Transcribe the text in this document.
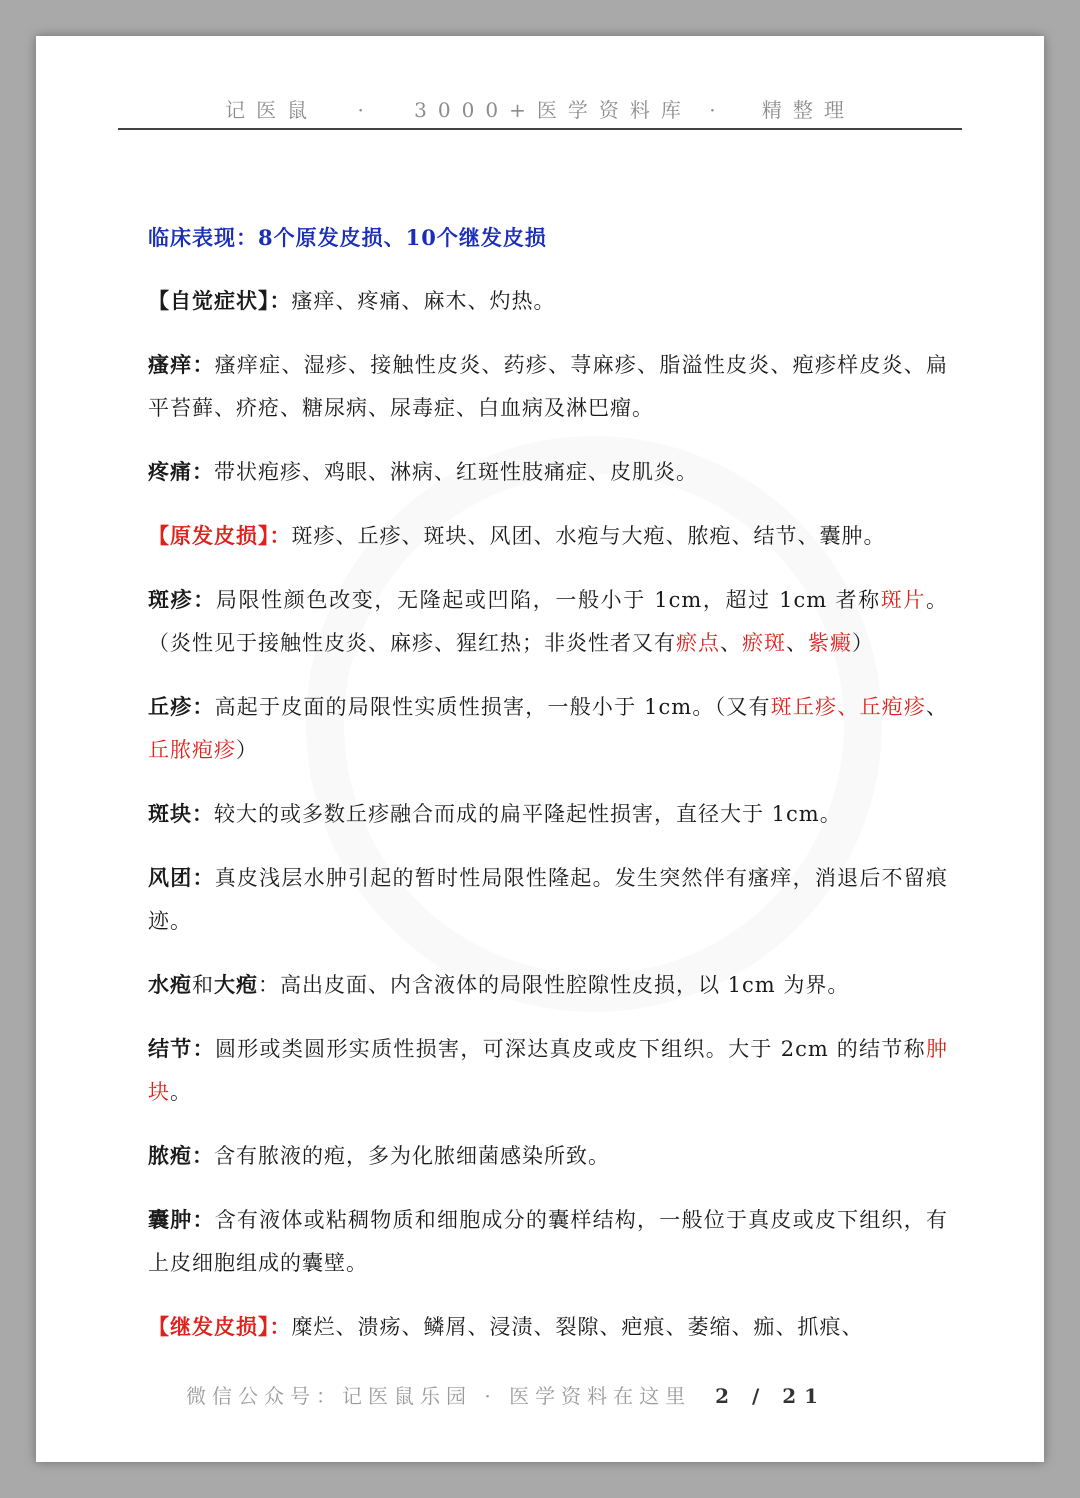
记医鼠 · 3000+医学资料库 · 精整理

临床表现：8个原发皮损、10个继发皮损

【自觉症状】：瘙痒、疼痛、麻木、灼热。

瘙痒：瘙痒症、湿疹、接触性皮炎、药疹、荨麻疹、脂溢性皮炎、疱疹样皮炎、扁平苔藓、疥疮、糖尿病、尿毒症、白血病及淋巴瘤。

疼痛：带状疱疹、鸡眼、淋病、红斑性肢痛症、皮肌炎。

【原发皮损】：斑疹、丘疹、斑块、风团、水疱与大疱、脓疱、结节、囊肿。

斑疹：局限性颜色改变，无隆起或凹陷，一般小于 1cm，超过 1cm 者称斑片。（炎性见于接触性皮炎、麻疹、猩红热；非炎性者又有瘀点、瘀斑、紫癜）

丘疹：高起于皮面的局限性实质性损害，一般小于 1cm。（又有斑丘疹、丘疱疹、丘脓疱疹）

斑块：较大的或多数丘疹融合而成的扁平隆起性损害，直径大于 1cm。

风团：真皮浅层水肿引起的暂时性局限性隆起。发生突然伴有瘙痒，消退后不留痕迹。

水疱和大疱：高出皮面、内含液体的局限性腔隙性皮损，以 1cm 为界。

结节：圆形或类圆形实质性损害，可深达真皮或皮下组织。大于 2cm 的结节称肿块。

脓疱：含有脓液的疱，多为化脓细菌感染所致。

囊肿：含有液体或粘稠物质和细胞成分的囊样结构，一般位于真皮或皮下组织，有上皮细胞组成的囊壁。

【继发皮损】：糜烂、溃疡、鳞屑、浸渍、裂隙、疤痕、萎缩、痂、抓痕、

微信公众号：记医鼠乐园 · 医学资料在这里 2 / 21
